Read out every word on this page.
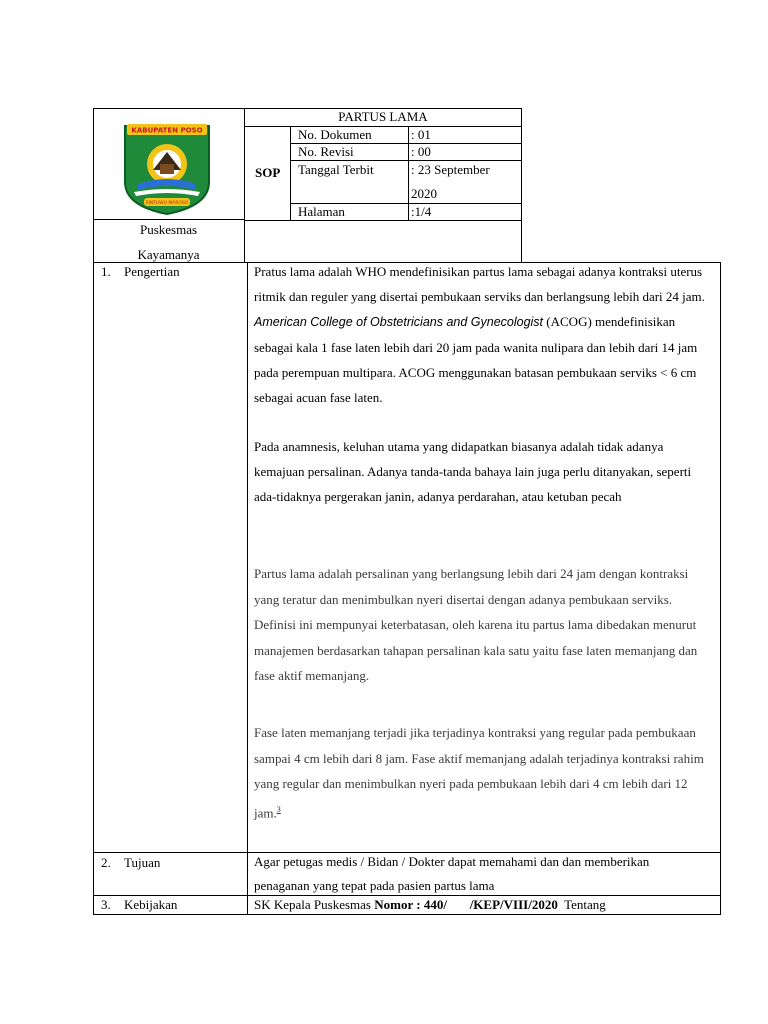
KABUPATEN POSO
SINTUWU MAROSO
PARTUS LAMA
SOP
No. Dokumen	: 01
No. Revisi	: 00
Tanggal Terbit	: 23 September
2020
Halaman	:1/4
Puskesmas
Kayamanya
1. Pengertian	Pratus lama adalah WHO mendefinisikan partus lama sebagai adanya kontraksi uterus ritmik dan reguler yang disertai pembukaan serviks dan berlangsung lebih dari 24 jam. American College of Obstetricians and Gynecologist (ACOG) mendefinisikan sebagai kala 1 fase laten lebih dari 20 jam pada wanita nulipara dan lebih dari 14 jam pada perempuan multipara. ACOG menggunakan batasan pembukaan serviks < 6 cm sebagai acuan fase laten.
Pada anamnesis, keluhan utama yang didapatkan biasanya adalah tidak adanya kemajuan persalinan. Adanya tanda-tanda bahaya lain juga perlu ditanyakan, seperti ada-tidaknya pergerakan janin, adanya perdarahan, atau ketuban pecah
Partus lama adalah persalinan yang berlangsung lebih dari 24 jam dengan kontraksi yang teratur dan menimbulkan nyeri disertai dengan adanya pembukaan serviks. Definisi ini mempunyai keterbatasan, oleh karena itu partus lama dibedakan menurut manajemen berdasarkan tahapan persalinan kala satu yaitu fase laten memanjang dan fase aktif memanjang.
Fase laten memanjang terjadi jika terjadinya kontraksi yang regular pada pembukaan sampai 4 cm lebih dari 8 jam. Fase aktif memanjang adalah terjadinya kontraksi rahim yang regular dan menimbulkan nyeri pada pembukaan lebih dari 4 cm lebih dari 12 jam.$^3$
2. Tujuan	Agar petugas medis / Bidan / Dokter dapat memahami dan dan memberikan penaganan yang tepat pada pasien partus lama
3. Kebijakan	SK Kepala Puskesmas Nomor : 440/       /KEP/VIII/2020  Tentang
